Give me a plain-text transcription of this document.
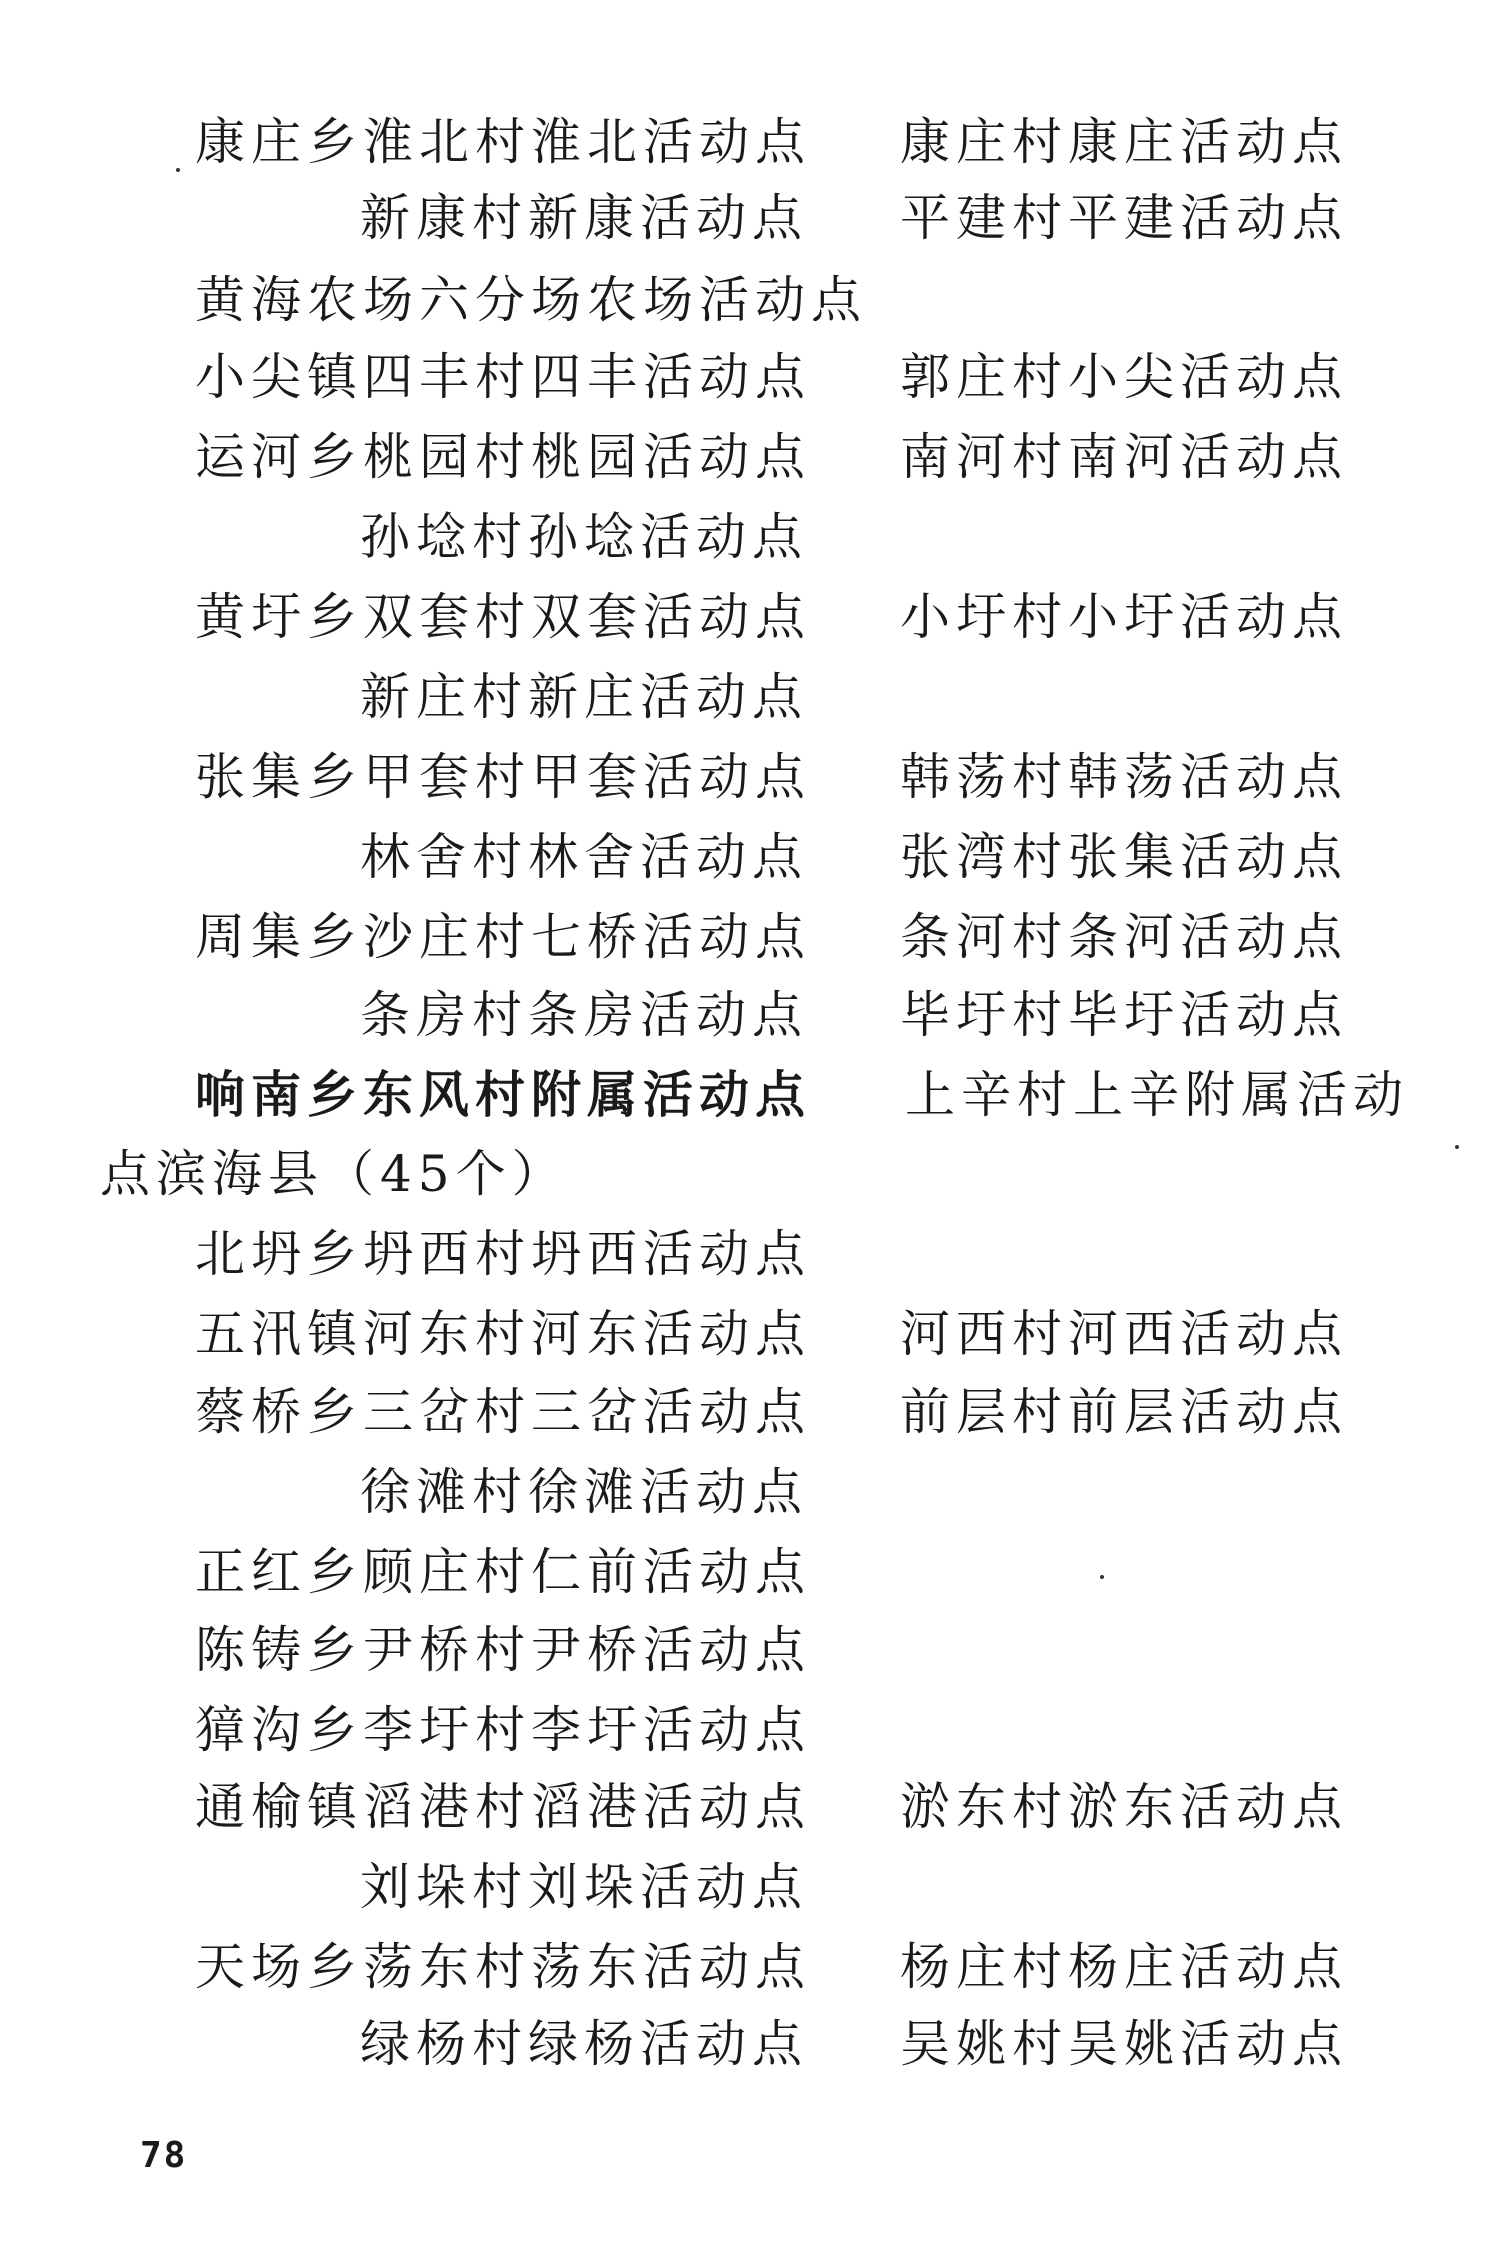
康庄乡淮北村淮北活动点 康庄村康庄活动点
新康村新康活动点 平建村平建活动点
黄海农场六分场农场活动点
小尖镇四丰村四丰活动点 郭庄村小尖活动点
运河乡桃园村桃园活动点 南河村南河活动点
孙埝村孙埝活动点
黄圩乡双套村双套活动点 小圩村小圩活动点
新庄村新庄活动点
张集乡甲套村甲套活动点 韩荡村韩荡活动点
林舍村林舍活动点 张湾村张集活动点
周集乡沙庄村七桥活动点 条河村条河活动点
条房村条房活动点 毕圩村毕圩活动点
响南乡东风村附属活动点 上辛村上辛附属活动
点滨海县（45个）
北坍乡坍西村坍西活动点
五汛镇河东村河东活动点 河西村河西活动点
蔡桥乡三岔村三岔活动点 前层村前层活动点
徐滩村徐滩活动点
正红乡顾庄村仁前活动点
陈铸乡尹桥村尹桥活动点
獐沟乡李圩村李圩活动点
通榆镇滔港村滔港活动点 淤东村淤东活动点
刘垛村刘垛活动点
天场乡荡东村荡东活动点 杨庄村杨庄活动点
绿杨村绿杨活动点 吴姚村吴姚活动点
78
